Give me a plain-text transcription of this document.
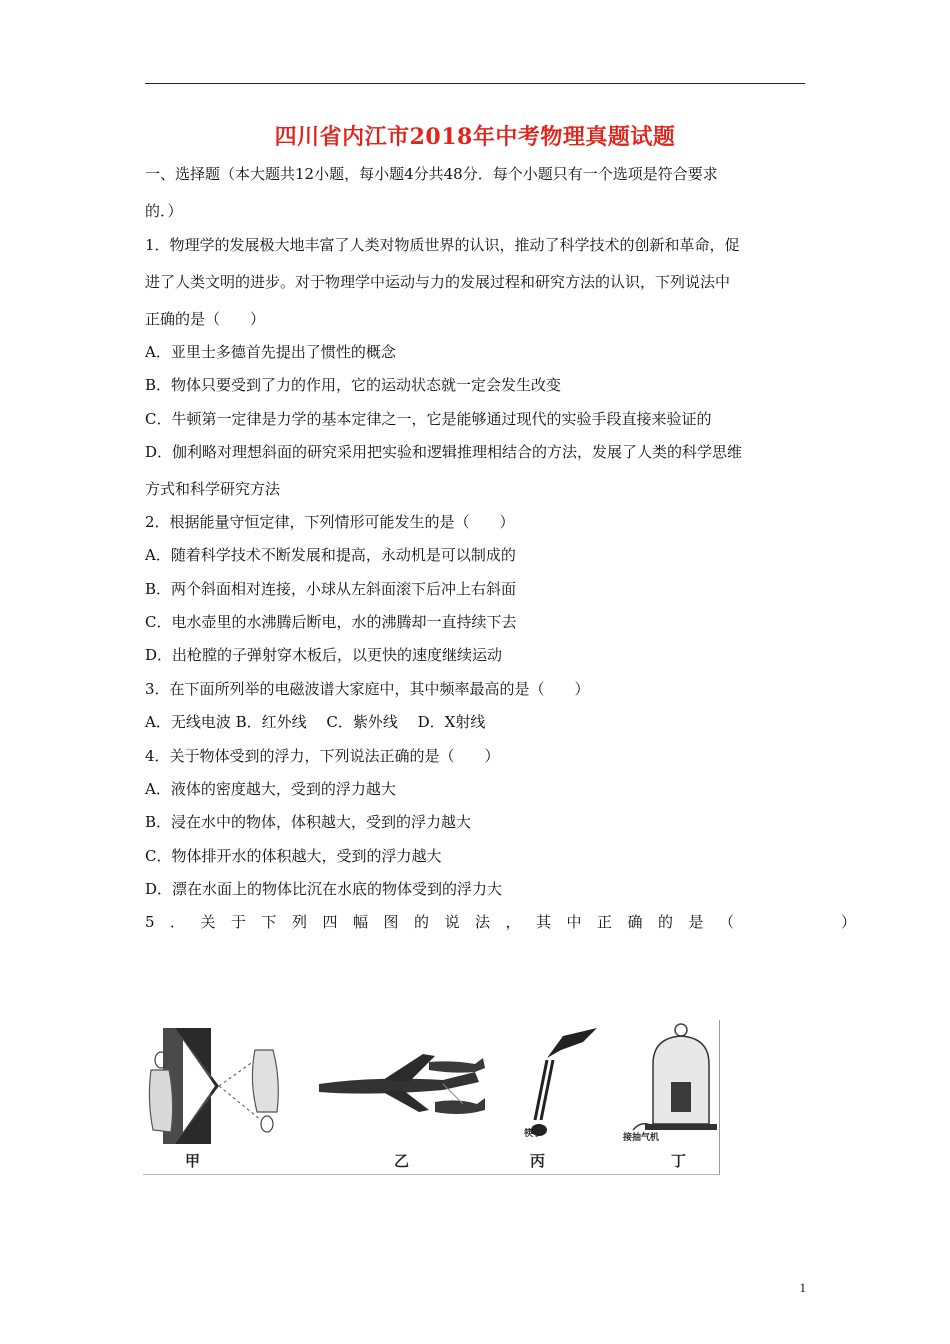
四川省内江市2018年中考物理真题试题
一、选择题（本大题共12小题，每小题4分共48分．每个小题只有一个选项是符合要求
的．）
1．物理学的发展极大地丰富了人类对物质世界的认识，推动了科学技术的创新和革命，促
进了人类文明的进步。对于物理学中运动与力的发展过程和研究方法的认识，下列说法中
正确的是（　　）
A．亚里士多德首先提出了惯性的概念
B．物体只要受到了力的作用，它的运动状态就一定会发生改变
C．牛顿第一定律是力学的基本定律之一，它是能够通过现代的实验手段直接来验证的
D．伽利略对理想斜面的研究采用把实验和逻辑推理相结合的方法，发展了人类的科学思维
方式和科学研究方法
2．根据能量守恒定律，下列情形可能发生的是（　　）
A．随着科学技术不断发展和提高，永动机是可以制成的
B．两个斜面相对连接，小球从左斜面滚下后冲上右斜面
C．电水壶里的水沸腾后断电，水的沸腾却一直持续下去
D．出枪膛的子弹射穿木板后，以更快的速度继续运动
3．在下面所列举的电磁波谱大家庭中，其中频率最高的是（　　）
A．无线电波 B．红外线　 C．紫外线　 D．X射线
4．关于物体受到的浮力，下列说法正确的是（　　）
A．液体的密度越大，受到的浮力越大
B．浸在水中的物体，体积越大，受到的浮力越大
C．物体排开水的体积越大，受到的浮力越大
D．漂在水面上的物体比沉在水底的物体受到的浮力大
5．关于下列四幅图的说法，其中正确的是（　　　）
甲	乙	丙	丁
筷子	接抽气机
1
